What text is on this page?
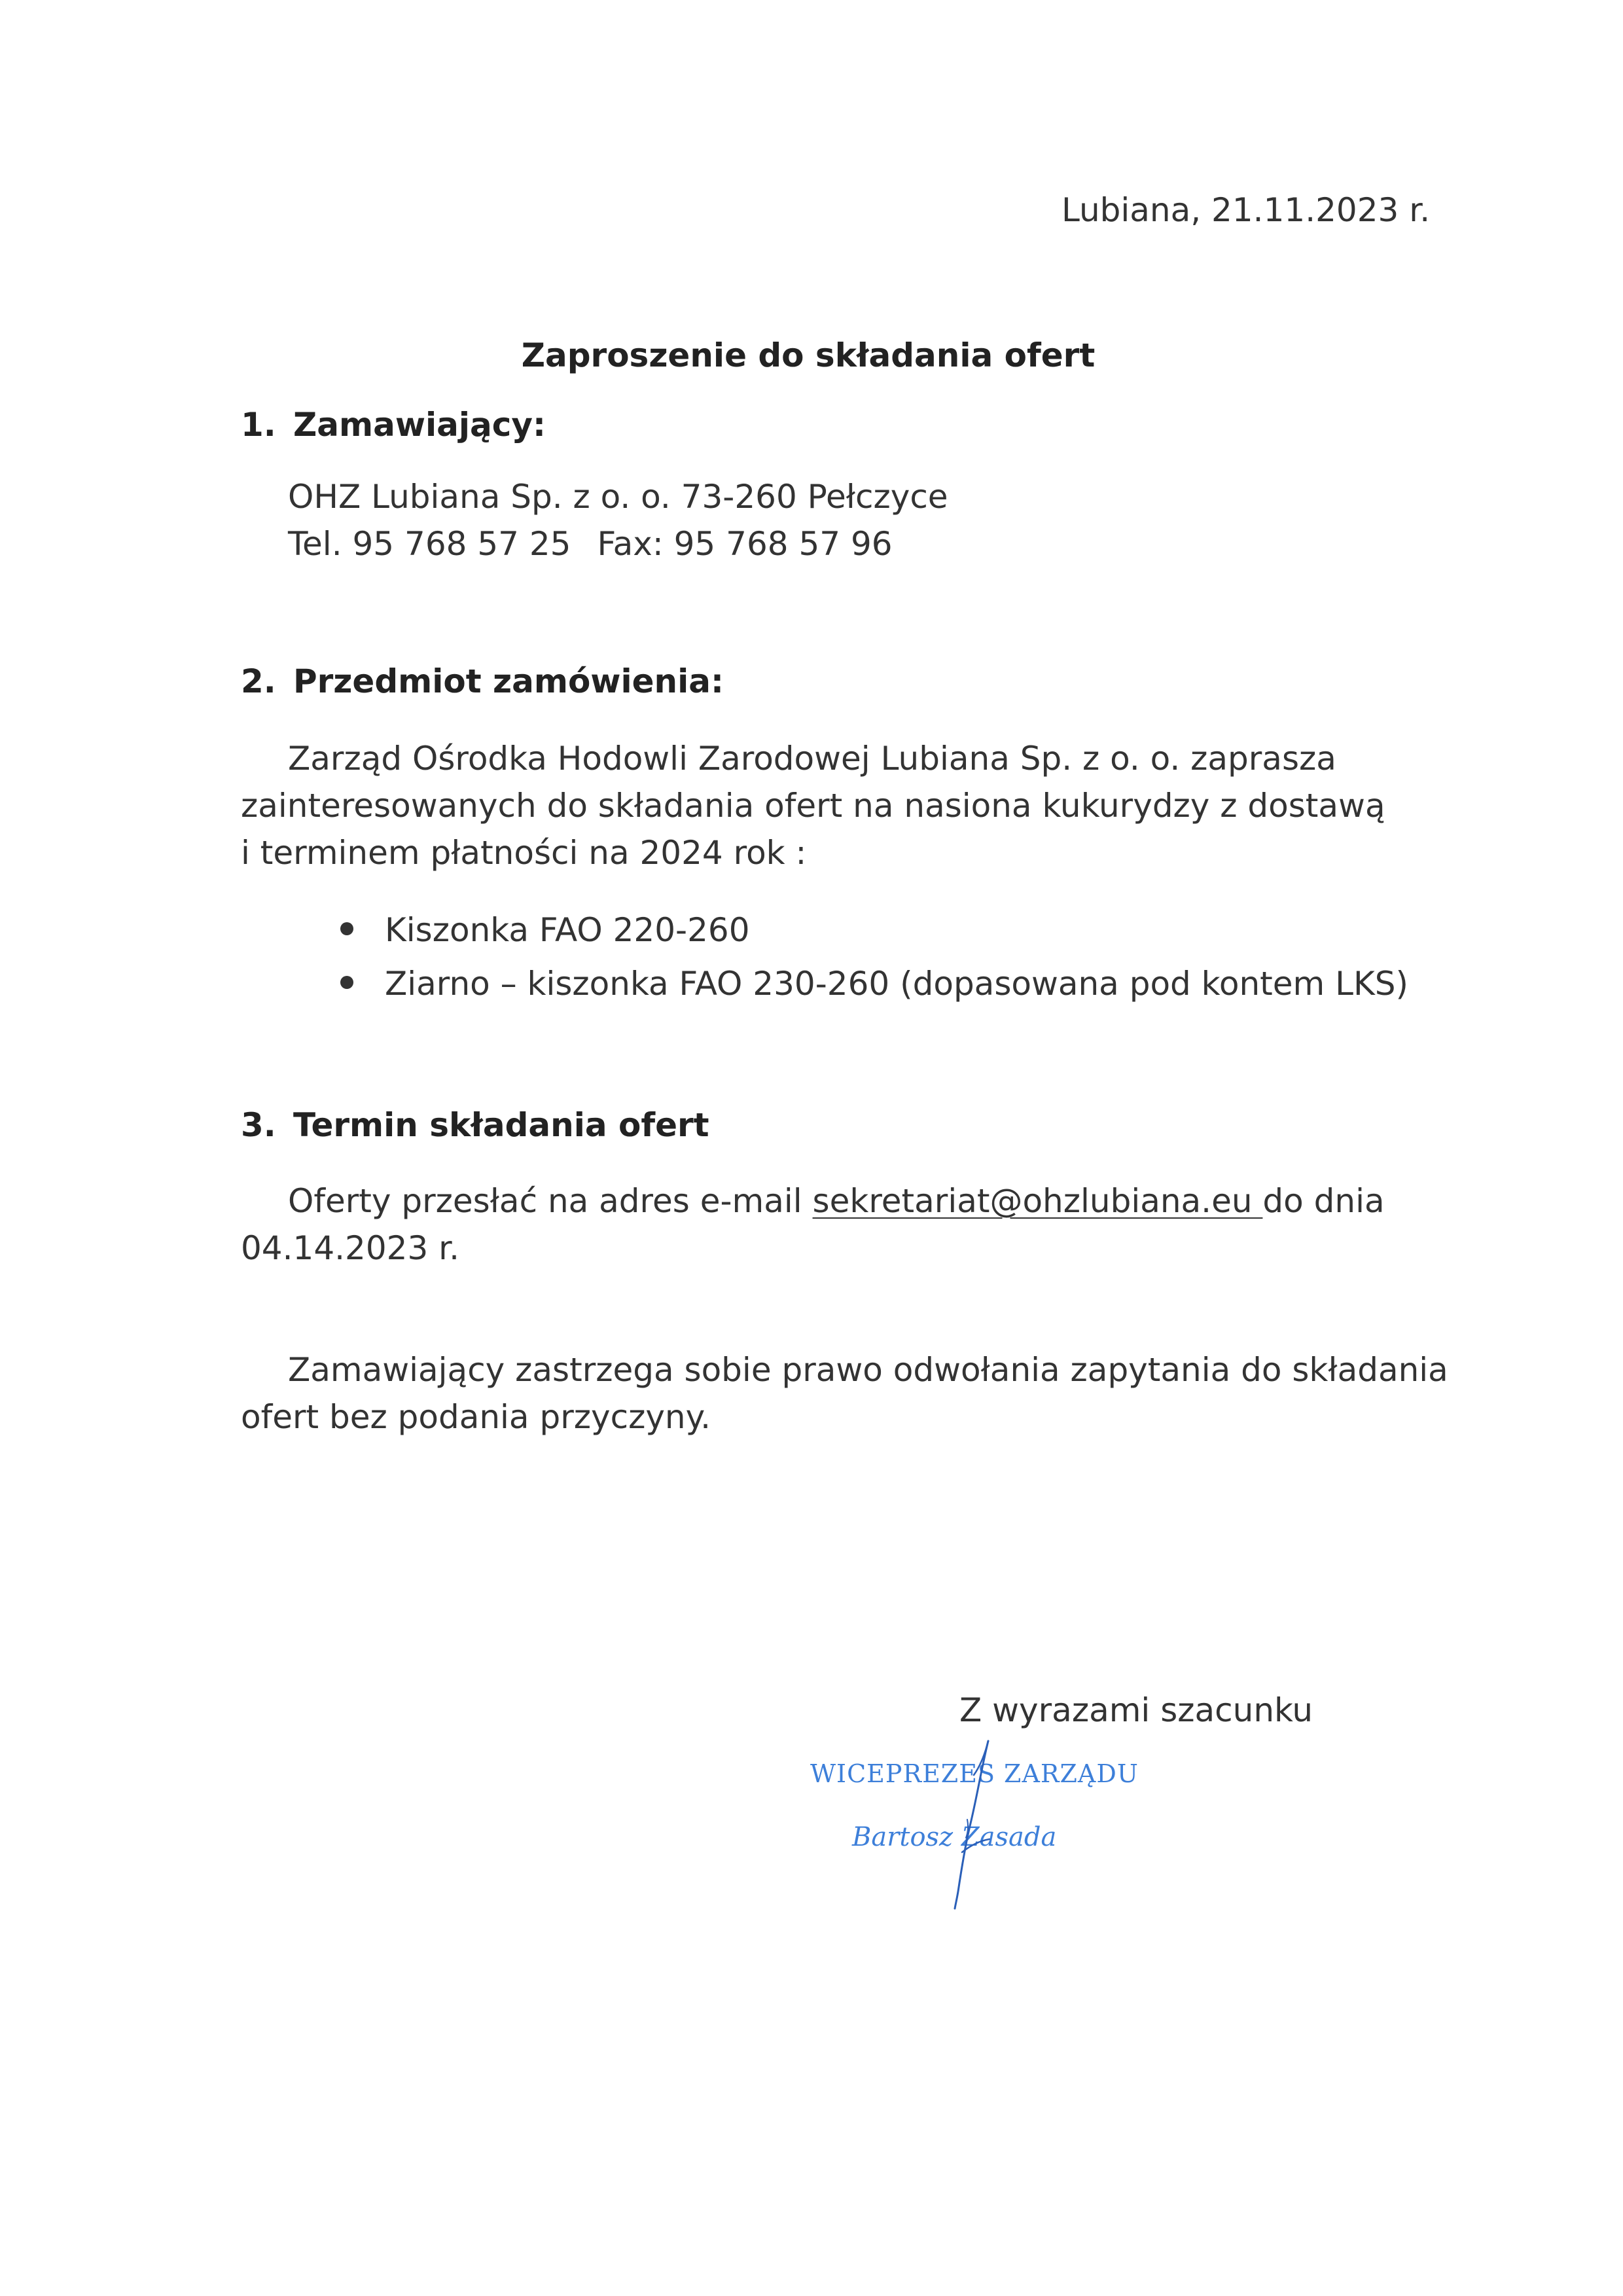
Lubiana, 21.11.2023 r.
Zaproszenie do składania ofert
1. Zamawiający:
OHZ Lubiana Sp. z o. o. 73-260 Pełczyce
Tel. 95 768 57 25 Fax: 95 768 57 96
2. Przedmiot zamówienia:
Zarząd Ośrodka Hodowli Zarodowej Lubiana Sp. z o. o. zaprasza
zainteresowanych do składania ofert na nasiona kukurydzy z dostawą
i terminem płatności na 2024 rok :
Kiszonka FAO 220-260
Ziarno – kiszonka FAO 230-260 (dopasowana pod kontem LKS)
3. Termin składania ofert
Oferty przesłać na adres e-mail sekretariat@ohzlubiana.eu do dnia
04.14.2023 r.
Zamawiający zastrzega sobie prawo odwołania zapytania do składania
ofert bez podania przyczyny.
Z wyrazami szacunku
WICEPREZES ZARZĄDU
Bartosz Zasada
